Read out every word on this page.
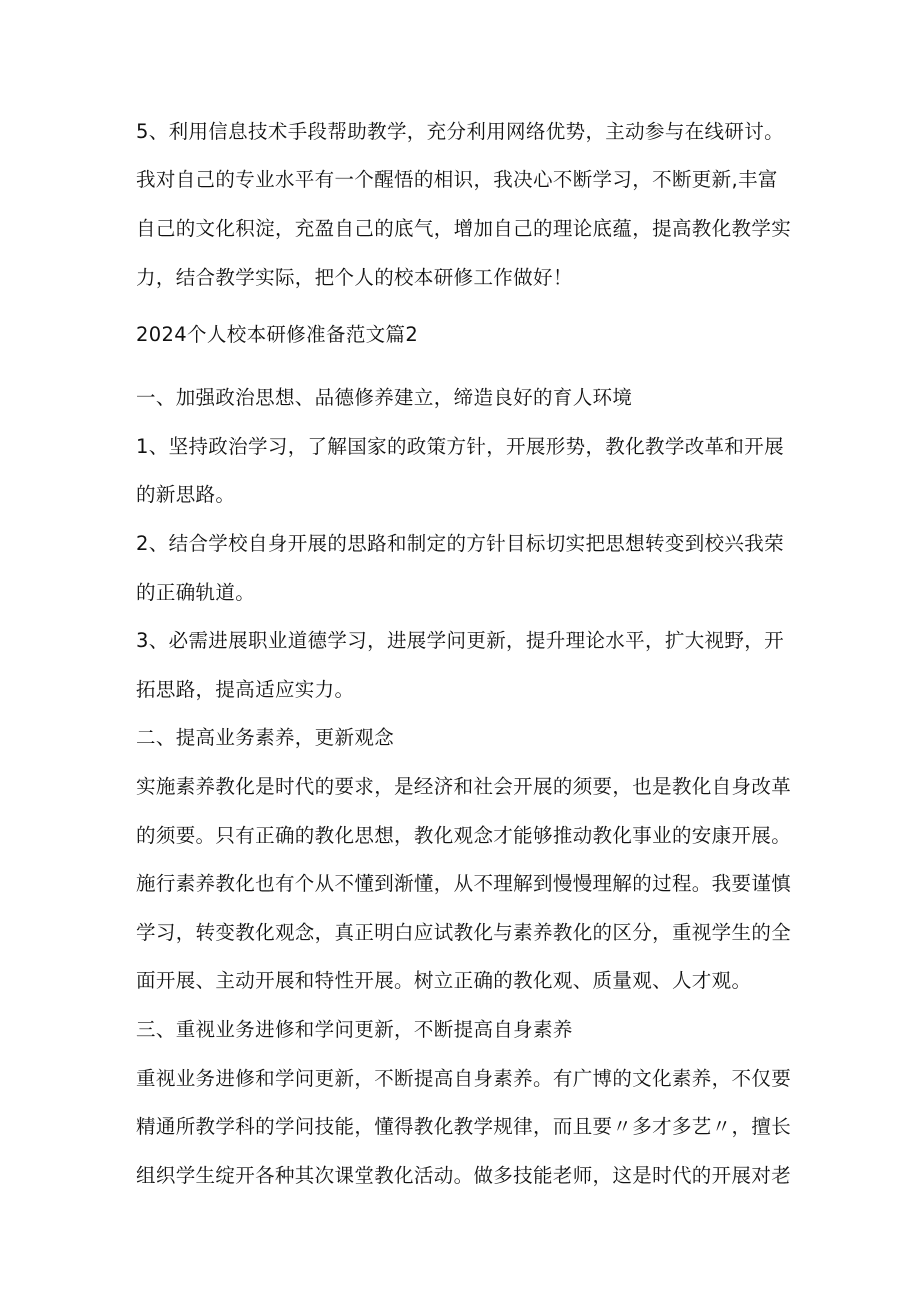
5、利用信息技术手段帮助教学，充分利用网络优势，主动参与在线研讨。
我对自己的专业水平有一个醒悟的相识，我决心不断学习，不断更新,丰富
自己的文化积淀，充盈自己的底气，增加自己的理论底蕴，提高教化教学实
力，结合教学实际，把个人的校本研修工作做好！
2024个人校本研修准备范文篇2
一、加强政治思想、品德修养建立，缔造良好的育人环境
1、坚持政治学习，了解国家的政策方针，开展形势，教化教学改革和开展
的新思路。
2、结合学校自身开展的思路和制定的方针目标切实把思想转变到校兴我荣
的正确轨道。
3、必需进展职业道德学习，进展学问更新，提升理论水平，扩大视野，开
拓思路，提高适应实力。
二、提高业务素养，更新观念
实施素养教化是时代的要求，是经济和社会开展的须要，也是教化自身改革
的须要。只有正确的教化思想，教化观念才能够推动教化事业的安康开展。
施行素养教化也有个从不懂到渐懂，从不理解到慢慢理解的过程。我要谨慎
学习，转变教化观念，真正明白应试教化与素养教化的区分，重视学生的全
面开展、主动开展和特性开展。树立正确的教化观、质量观、人才观。
三、重视业务进修和学问更新，不断提高自身素养
重视业务进修和学问更新，不断提高自身素养。有广博的文化素养，不仅要
精通所教学科的学问技能，懂得教化教学规律，而且要〃多才多艺〃，擅长
组织学生绽开各种其次课堂教化活动。做多技能老师，这是时代的开展对老
